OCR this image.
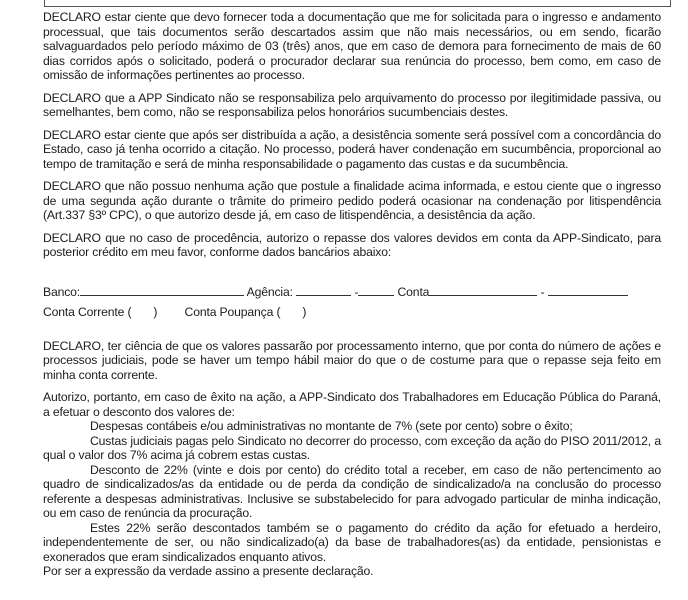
DECLARO estar ciente que devo fornecer toda a documentação que me for solicitada para o ingresso e andamento processual, que tais documentos serão descartados assim que não mais necessários, ou em sendo, ficarão salvaguardados pelo período máximo de 03 (três) anos, que em caso de demora para fornecimento de mais de 60 dias corridos após o solicitado, poderá o procurador declarar sua renúncia do processo, bem como, em caso de omissão de informações pertinentes ao processo.

DECLARO que a APP Sindicato não se responsabiliza pelo arquivamento do processo por ilegitimidade passiva, ou semelhantes, bem como, não se responsabiliza pelos honorários sucumbenciais destes.

DECLARO estar ciente que após ser distribuída a ação, a desistência somente será possível com a concordância do Estado, caso já tenha ocorrido a citação. No processo, poderá haver condenação em sucumbência, proporcional ao tempo de tramitação e será de minha responsabilidade o pagamento das custas e da sucumbência.

DECLARO que não possuo nenhuma ação que postule a finalidade acima informada, e estou ciente que o ingresso de uma segunda ação durante o trâmite do primeiro pedido poderá ocasionar na condenação por litispendência (Art.337 §3º CPC), o que autorizo desde já, em caso de litispendência, a desistência da ação.

DECLARO que no caso de procedência, autorizo o repasse dos valores devidos em conta da APP-Sindicato, para posterior crédito em meu favor, conforme dados bancários abaixo:

Banco:	Agência:	-	Conta	-
Conta Corrente ( ) Conta Poupança ( )

DECLARO, ter ciência de que os valores passarão por processamento interno, que por conta do número de ações e processos judiciais, pode se haver um tempo hábil maior do que o de costume para que o repasse seja feito em minha conta corrente.

Autorizo, portanto, em caso de êxito na ação, a APP-Sindicato dos Trabalhadores em Educação Pública do Paraná, a efetuar o desconto dos valores de:

Despesas contábeis e/ou administrativas no montante de 7% (sete por cento) sobre o êxito;

Custas judiciais pagas pelo Sindicato no decorrer do processo, com exceção da ação do PISO 2011/2012, a qual o valor dos 7% acima já cobrem estas custas.

Desconto de 22% (vinte e dois por cento) do crédito total a receber, em caso de não pertencimento ao quadro de sindicalizados/as da entidade ou de perda da condição de sindicalizado/a na conclusão do processo referente a despesas administrativas. Inclusive se substabelecido for para advogado particular de minha indicação, ou em caso de renúncia da procuração.

Estes 22% serão descontados também se o pagamento do crédito da ação for efetuado a herdeiro, independentemente de ser, ou não sindicalizado(a) da base de trabalhadores(as) da entidade, pensionistas e exonerados que eram sindicalizados enquanto ativos.

Por ser a expressão da verdade assino a presente declaração.
